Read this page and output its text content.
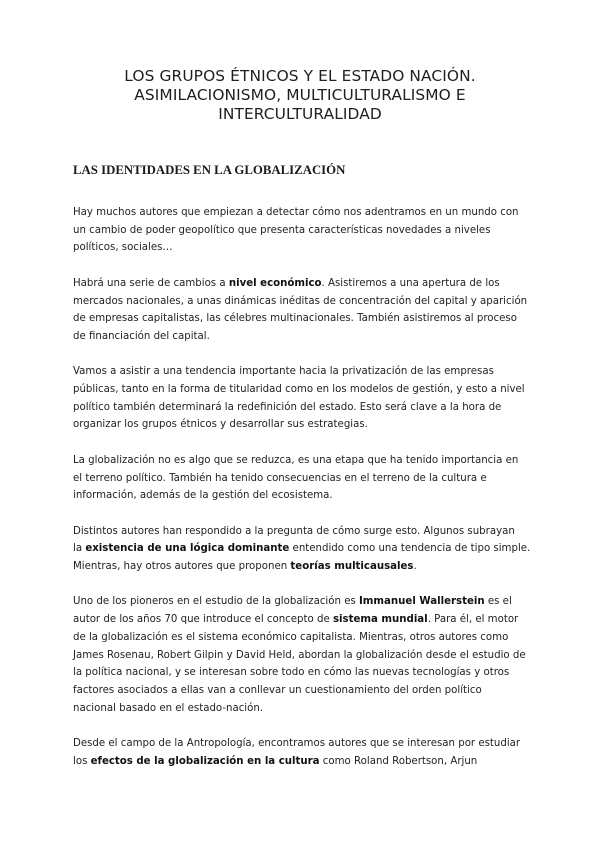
LOS GRUPOS ÉTNICOS Y EL ESTADO NACIÓN.
ASIMILACIONISMO, MULTICULTURALISMO E
INTERCULTURALIDAD
LAS IDENTIDADES EN LA GLOBALIZACIÓN
Hay muchos autores que empiezan a detectar cómo nos adentramos en un mundo con
un cambio de poder geopolítico que presenta características novedades a niveles
políticos, sociales…
Habrá una serie de cambios a nivel económico. Asistiremos a una apertura de los
mercados nacionales, a unas dinámicas inéditas de concentración del capital y aparición
de empresas capitalistas, las célebres multinacionales. También asistiremos al proceso
de financiación del capital.
Vamos a asistir a una tendencia importante hacia la privatización de las empresas
públicas, tanto en la forma de titularidad como en los modelos de gestión, y esto a nivel
político también determinará la redefinición del estado. Esto será clave a la hora de
organizar los grupos étnicos y desarrollar sus estrategias.
La globalización no es algo que se reduzca, es una etapa que ha tenido importancia en
el terreno político. También ha tenido consecuencias en el terreno de la cultura e
información, además de la gestión del ecosistema.
Distintos autores han respondido a la pregunta de cómo surge esto. Algunos subrayan
la existencia de una lógica dominante entendido como una tendencia de tipo simple.
Mientras, hay otros autores que proponen teorías multicausales.
Uno de los pioneros en el estudio de la globalización es Immanuel Wallerstein es el
autor de los años 70 que introduce el concepto de sistema mundial. Para él, el motor
de la globalización es el sistema económico capitalista. Mientras, otros autores como
James Rosenau, Robert Gilpin y David Held, abordan la globalización desde el estudio de
la política nacional, y se interesan sobre todo en cómo las nuevas tecnologías y otros
factores asociados a ellas van a conllevar un cuestionamiento del orden político
nacional basado en el estado-nación.
Desde el campo de la Antropología, encontramos autores que se interesan por estudiar
los efectos de la globalización en la cultura como Roland Robertson, Arjun
